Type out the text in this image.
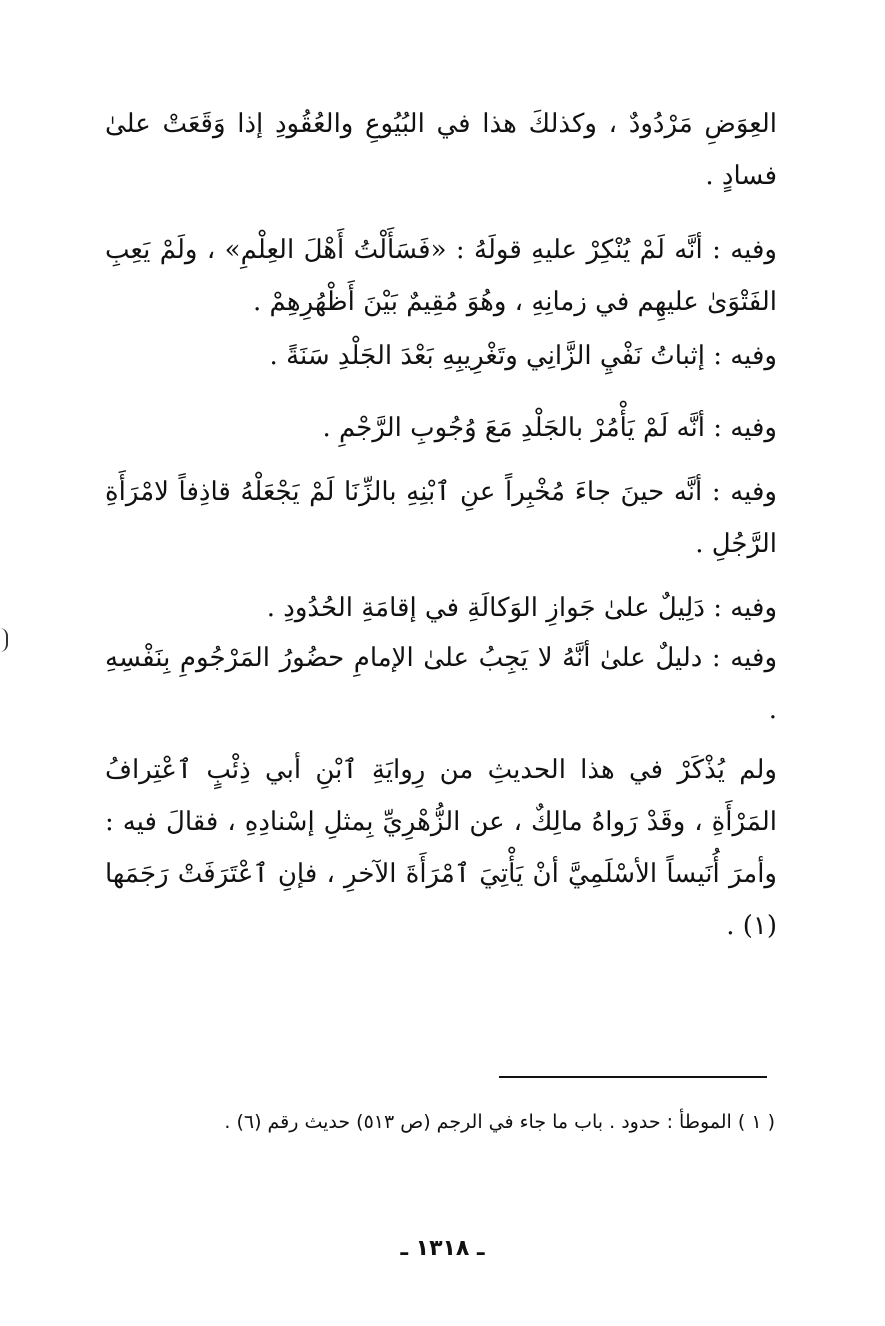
العِوَضِ مَرْدُودٌ ، وكذلكَ هذا في البُيُوعِ والعُقُودِ إذا وَقَعَتْ علىٰ فسادٍ .

وفيه : أنَّه لَمْ يُنْكِرْ عليهِ قولَهُ : «فَسَأَلْتُ أَهْلَ العِلْمِ» ، ولَمْ يَعِبِ الفَتْوَىٰ عليهِم في زمانِهِ ، وهُوَ مُقِيمٌ بَيْنَ أَظْهُرِهِمْ .

وفيه : إثباتُ نَفْيِ الزَّانِي وتَغْرِيبِهِ بَعْدَ الجَلْدِ سَنَةً .

وفيه : أنَّه لَمْ يَأْمُرْ بالجَلْدِ مَعَ وُجُوبِ الرَّجْمِ .

وفيه : أنَّه حينَ جاءَ مُخْبِراً عنِ ٱبْنِهِ بالزِّنَا لَمْ يَجْعَلْهُ قاذِفاً لامْرَأَةِ الرَّجُلِ .

وفيه : دَلِيلٌ علىٰ جَوازِ الوَكالَةِ في إقامَةِ الحُدُودِ .

وفيه : دليلٌ علىٰ أنَّهُ لا يَجِبُ علىٰ الإمامِ حضُورُ المَرْجُومِ بِنَفْسِهِ .

ولم يُذْكَرْ في هذا الحديثِ من رِوايَةِ ٱبْنِ أبي ذِئْبٍ ٱعْتِرافُ المَرْأَةِ ، وقَدْ رَواهُ مالِكٌ ، عن الزُّهْرِيِّ بِمثلِ إسْنادِهِ ، فقالَ فيه : وأمرَ أُنَيساً الأسْلَمِيَّ أنْ يَأْتِيَ ٱمْرَأَةَ الآخرِ ، فإنِ ٱعْتَرَفَتْ رَجَمَها (١) .

( ١ ) الموطأ : حدود . باب ما جاء في الرجم (ص ٥١٣) حديث رقم (٦) .
ـ ١٣١٨ ـ
